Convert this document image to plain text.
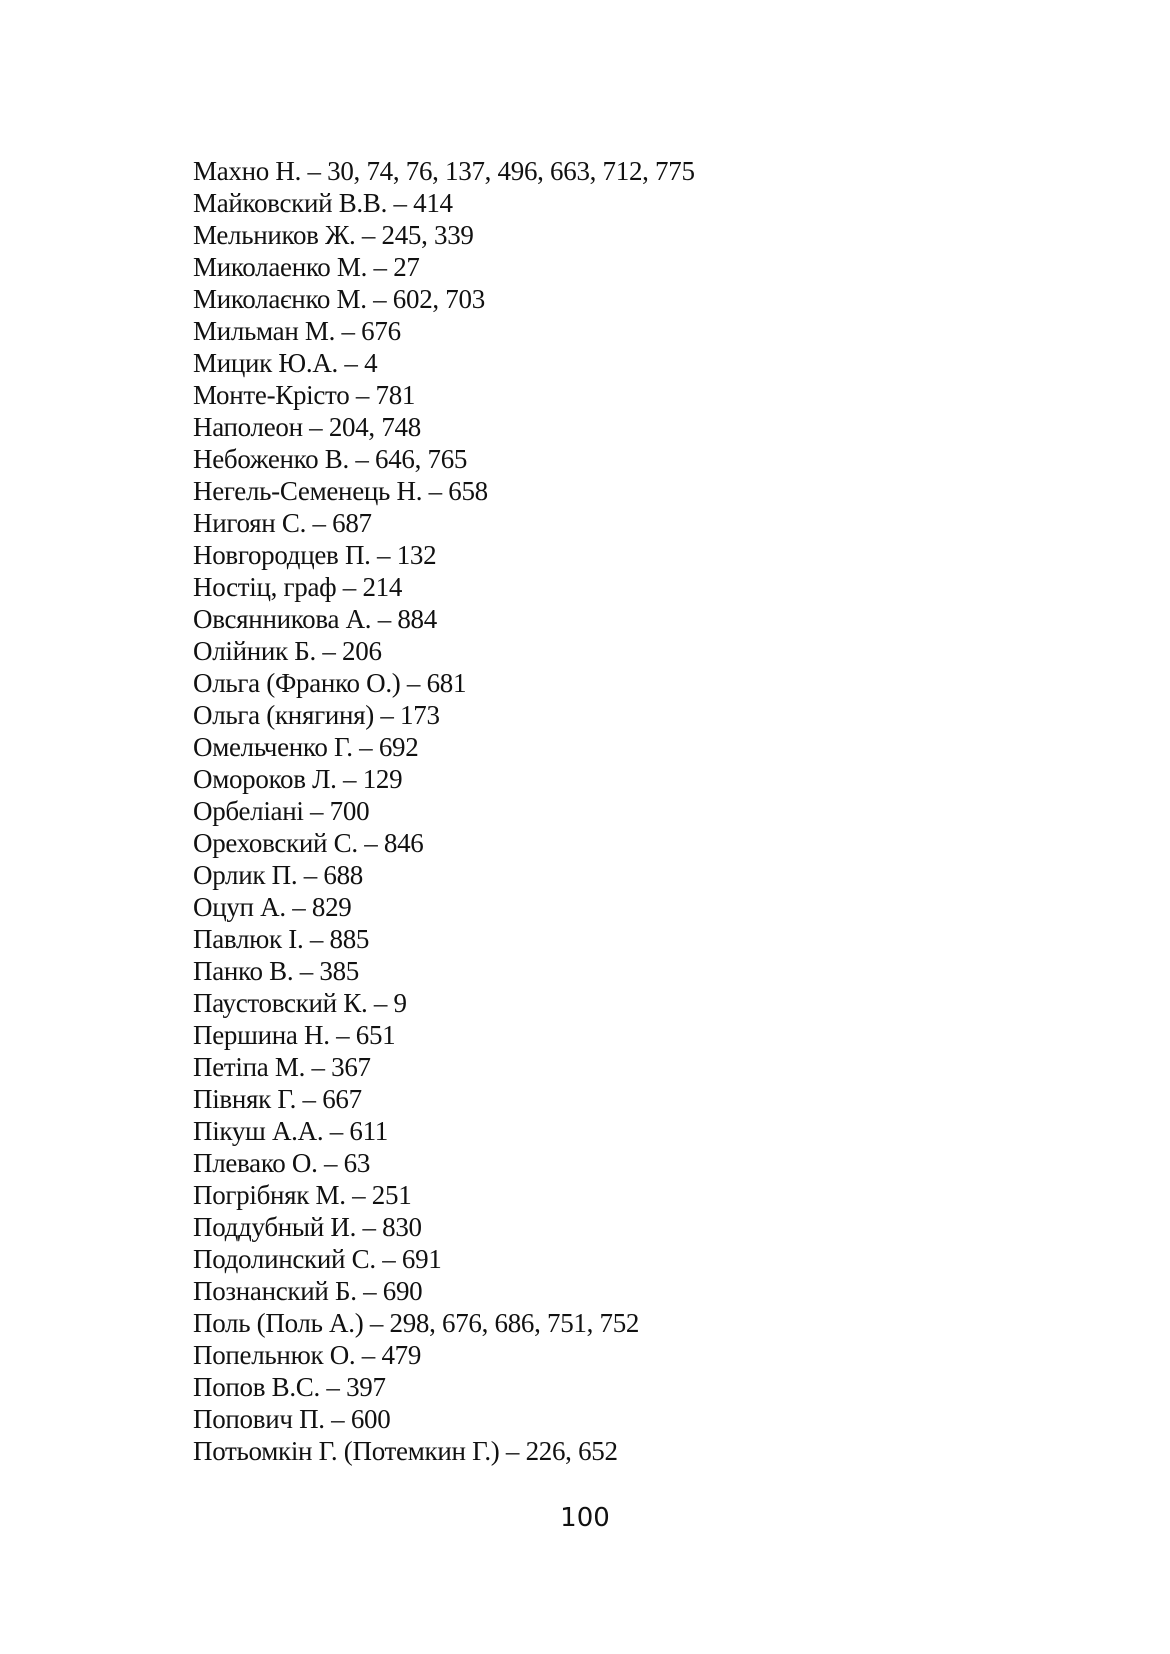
Махно Н. – 30, 74, 76, 137, 496, 663, 712, 775
Майковский В.В. – 414
Мельников Ж. – 245, 339
Миколаенко М. – 27
Миколаєнко М. – 602, 703
Мильман М. – 676
Мицик Ю.А. – 4
Монте-Крісто – 781
Наполеон – 204, 748
Небоженко В. – 646, 765
Негель-Семенець Н. – 658
Нигоян С. – 687
Новгородцев П. – 132
Ностіц, граф – 214
Овсянникова А. – 884
Олійник Б. – 206
Ольга (Франко О.) – 681
Ольга (княгиня) – 173
Омельченко Г. – 692
Омороков Л. – 129
Орбеліані – 700
Ореховский С. – 846
Орлик П. – 688
Оцуп А. – 829
Павлюк І. – 885
Панко В. – 385
Паустовский К. – 9
Першина Н. – 651
Петіпа М. – 367
Півняк Г. – 667
Пікуш А.А. – 611
Плевако О. – 63
Погрібняк М. – 251
Поддубный И. – 830
Подолинский С. – 691
Познанский Б. – 690
Поль (Поль А.) – 298, 676, 686, 751, 752
Попельнюк О. – 479
Попов В.С. – 397
Попович П. – 600
Потьомкін Г. (Потемкин Г.) – 226, 652
100
